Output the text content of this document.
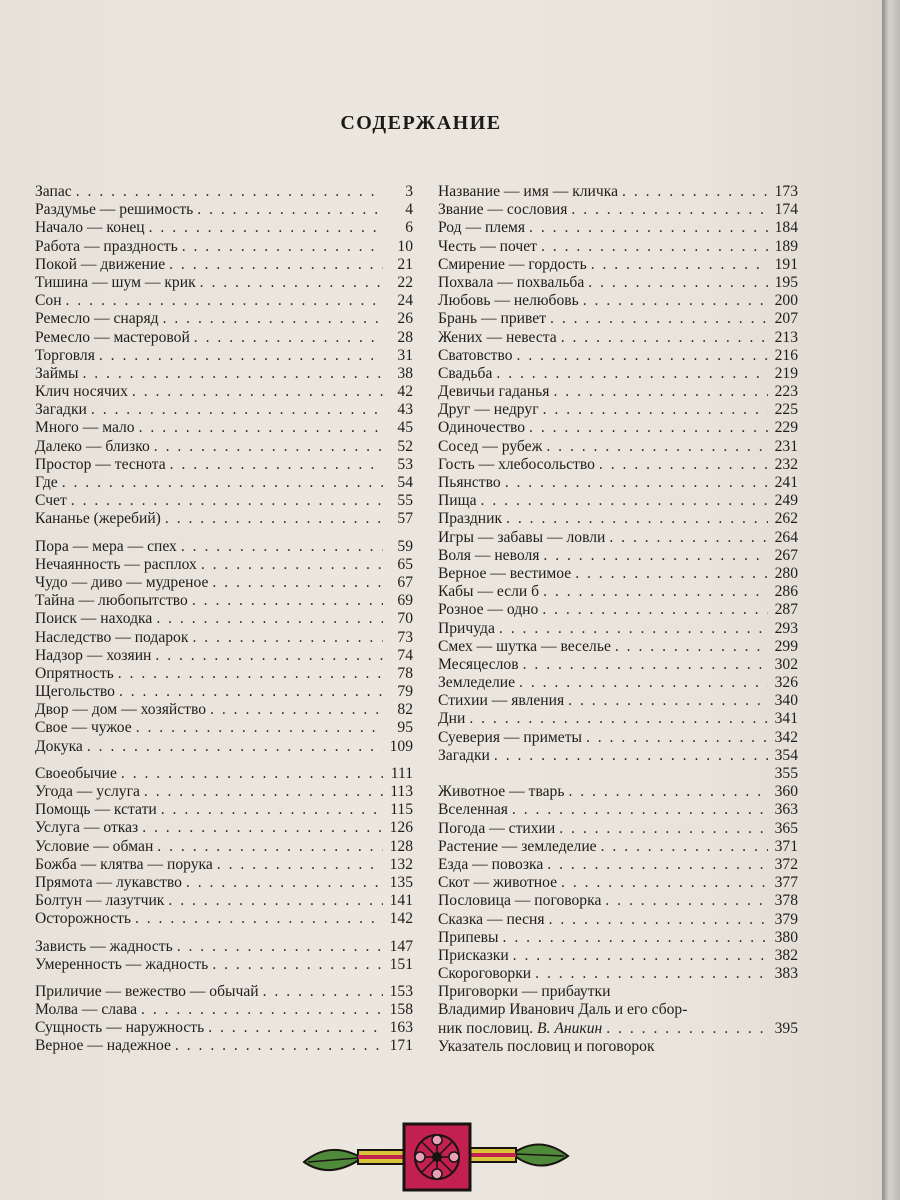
СОДЕРЖАНИЕ
Запас . . .	3
Раздумье — решимость . . .	4
Начало — конец . . .	6
Работа — праздность . . .	10
Покой — движение . . .	21
Тишина — шум — крик . . .	22
Сон . . .	24
Ремесло — снаряд . . .	26
Ремесло — мастеровой . . .	28
Торговля . . .	31
Займы . . .	38
Клич носячих . . .	42
Загадки . . .	43
Много — мало . . .	45
Далеко — близко . . .	52
Простор — теснота . . .	53
Где . . .	54
Счет . . .	55
Кананье (жеребий) . . .	57
Пора — мера — спех . . .	59
Нечаянность — расплох . . .	65
Чудо — диво — мудреное . . .	67
Тайна — любопытство . . .	69
Поиск — находка . . .	70
Наследство — подарок . . .	73
Надзор — хозяин . . .	74
Опрятность . . .	78
Щегольство . . .	79
Двор — дом — хозяйство . . .	82
Свое — чужое . . .	95
Докука . . .	109
Своеобычие . . .	111
Угода — услуга . . .	113
Помощь — кстати . . .	115
Услуга — отказ . . .	126
Условие — обман . . .	128
Божба — клятва — порука . . .	132
Прямота — лукавство . . .	135
Болтун — лазутчик . . .	141
Осторожность . . .	142
Зависть — жадность . . .	147
Умеренность — жадность . . .	151
Приличие — вежество — обычай . . .	153
Молва — слава . . .	158
Сущность — наружность . . .	163
Верное — надежное . . .	171
Название — имя — кличка . . .	173
Звание — сословия . . .	174
Род — племя . . .	184
Честь — почет . . .	189
Смирение — гордость . . .	191
Похвала — похвальба . . .	195
Любовь — нелюбовь . . .	200
Брань — привет . . .	207
Жених — невеста . . .	213
Сватовство . . .	216
Свадьба . . .	219
Девичьи гаданья . . .	223
Друг — недруг . . .	225
Одиночество . . .	229
Сосед — рубеж . . .	231
Гость — хлебосольство . . .	232
Пьянство . . .	241
Пища . . .	249
Праздник . . .	262
Игры — забавы — ловли . . .	264
Воля — неволя . . .	267
Верное — вестимое . . .	280
Кабы — если б . . .	286
Розное — одно . . .	287
Причуда . . .	293
Смех — шутка — веселье . . .	299
Месяцеслов . . .	302
Земледелие . . .	326
Стихии — явления . . .	340
Дни . . .	341
Суеверия — приметы . . .	342
Загадки . . .	354
355
Животное — тварь . . .	360
Вселенная . . .	363
Погода — стихии . . .	365
Растение — земледелие . . .	371
Езда — повозка . . .	372
Скот — животное . . .	377
Пословица — поговорка . . .	378
Сказка — песня . . .	379
Припевы . . .	380
Присказки . . .	382
Скороговорки . . .	383
Приговорки — прибаутки
Владимир Иванович Даль и его сбор-
ник пословиц. В. Аникин . . .	395
Указатель пословиц и поговорок
